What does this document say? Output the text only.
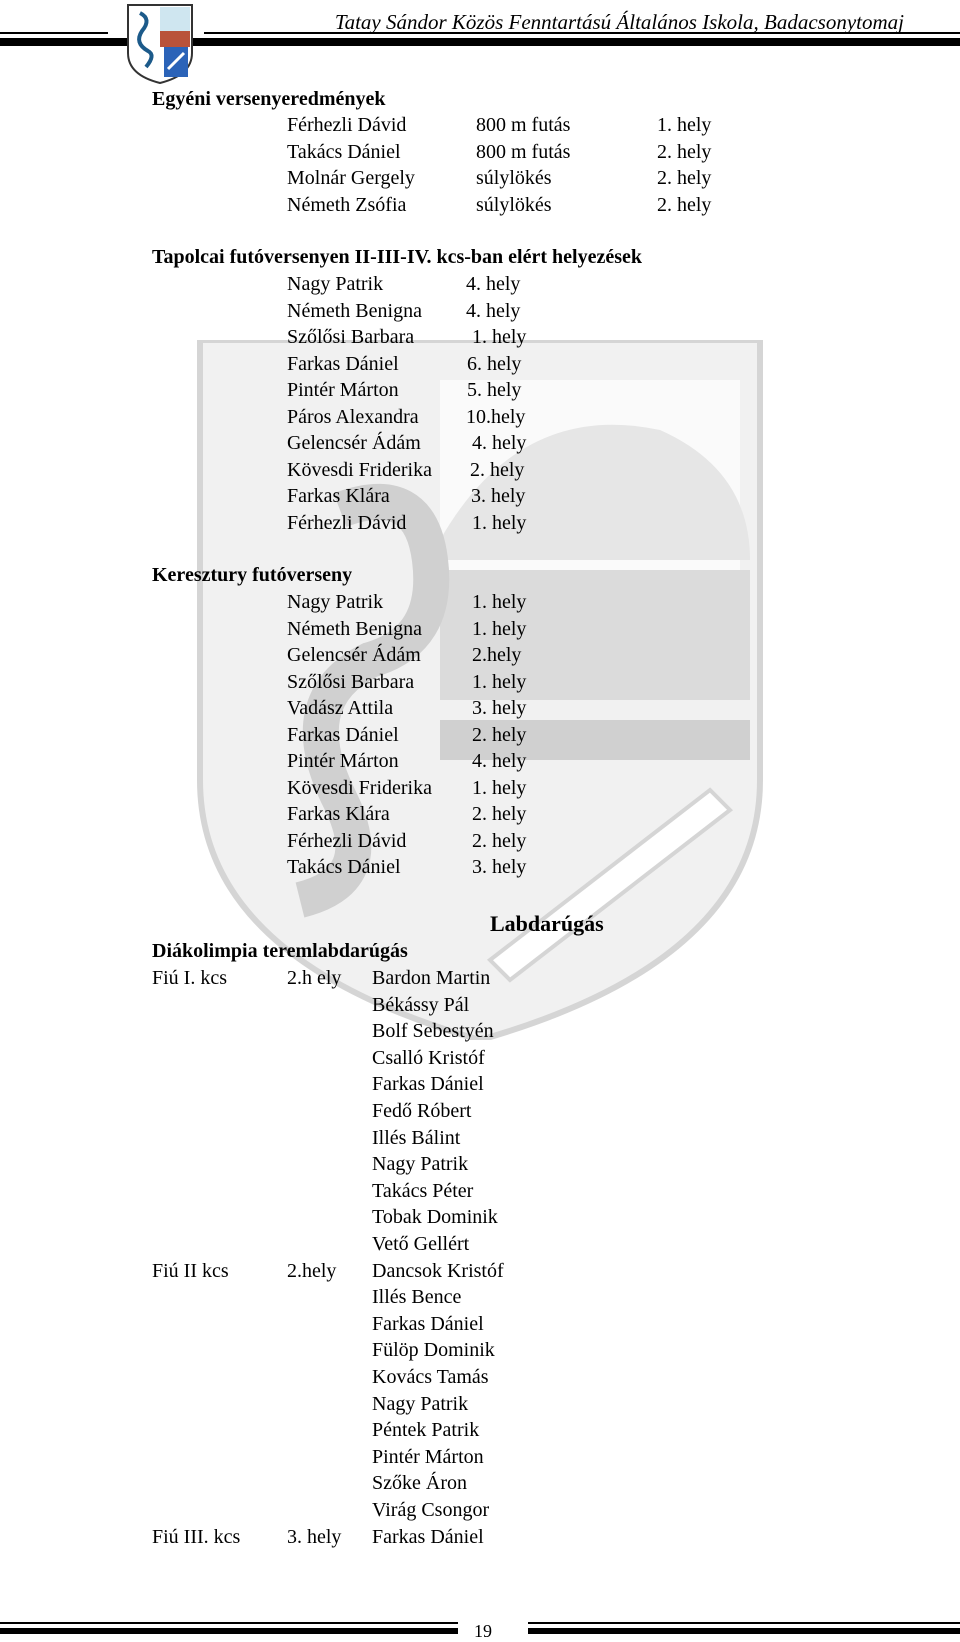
Tatay Sándor Közös Fenntartású Általános Iskola, Badacsonytomaj
Egyéni versenyeredmények
Férhezli Dávid	800 m futás	1. hely
Takács Dániel	800 m futás	2. hely
Molnár Gergely	súlylökés	2. hely
Németh Zsófia	súlylökés	2. hely
Tapolcai futóversenyen II-III-IV. kcs-ban elért helyezések
Nagy Patrik	4. hely
Németh Benigna 4. hely
Szőlősi Barbara	1. hely
Farkas Dániel	6. hely
Pintér Márton	5. hely
Páros Alexandra 10.hely
Gelencsér Ádám	4. hely
Kövesdi Friderika 2. hely
Farkas Klára	3. hely
Férhezli Dávid	1. hely
Keresztury futóverseny
Nagy Patrik	1. hely
Németh Benigna	1. hely
Gelencsér Ádám	2.hely
Szőlősi Barbara	1. hely
Vadász Attila	3. hely
Farkas Dániel	2. hely
Pintér Márton	4. hely
Kövesdi Friderika 1. hely
Farkas Klára	2. hely
Férhezli Dávid	2. hely
Takács Dániel	3. hely
Labdarúgás
Diákolimpia teremlabdarúgás
Fiú I. kcs	2.h ely Bardon Martin
Békássy Pál
Bolf Sebestyén
Csalló Kristóf
Farkas Dániel
Fedő Róbert
Illés Bálint
Nagy Patrik
Takács Péter
Tobak Dominik
Vető Gellért
Fiú II kcs	2.hely Dancsok Kristóf
Illés Bence
Farkas Dániel
Fülöp Dominik
Kovács Tamás
Nagy Patrik
Péntek Patrik
Pintér Márton
Szőke Áron
Virág Csongor
Fiú III. kcs 3. hely Farkas Dániel
19
